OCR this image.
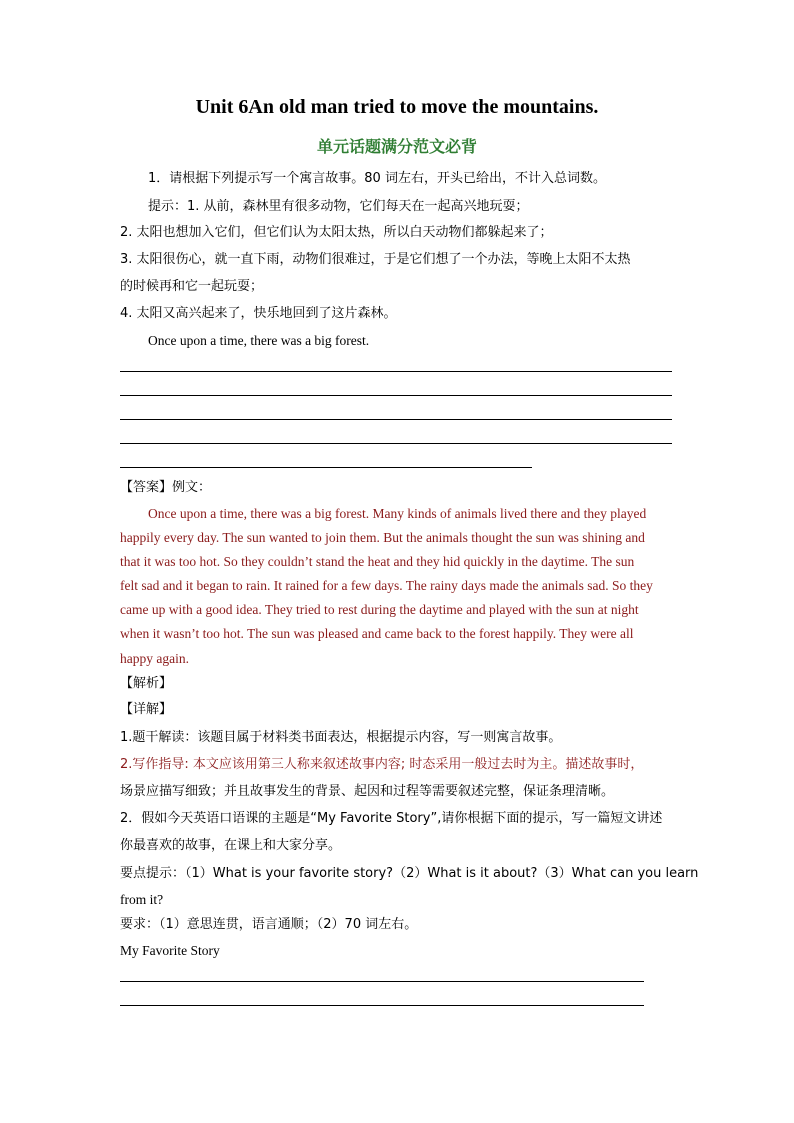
Unit 6An old man tried to move the mountains.
单元话题满分范文必背
1．请根据下列提示写一个寓言故事。80 词左右，开头已给出，不计入总词数。
提示：1. 从前，森林里有很多动物，它们每天在一起高兴地玩耍；
2. 太阳也想加入它们，但它们认为太阳太热，所以白天动物们都躲起来了；
3. 太阳很伤心，就一直下雨，动物们很难过，于是它们想了一个办法，等晚上太阳不太热
的时候再和它一起玩耍；
4. 太阳又高兴起来了，快乐地回到了这片森林。
Once upon a time, there was a big forest.
【答案】例文：
Once upon a time, there was a big forest. Many kinds of animals lived there and they played
happily every day. The sun wanted to join them. But the animals thought the sun was shining and
that it was too hot. So they couldn’t stand the heat and they hid quickly in the daytime. The sun
felt sad and it began to rain. It rained for a few days. The rainy days made the animals sad. So they
came up with a good idea. They tried to rest during the daytime and played with the sun at night
when it wasn’t too hot. The sun was pleased and came back to the forest happily. They were all
happy again.
【解析】
【详解】
1.题干解读：该题目属于材料类书面表达，根据提示内容，写一则寓言故事。
2.写作指导: 本文应该用第三人称来叙述故事内容; 时态采用一般过去时为主。描述故事时，
场景应描写细致；并且故事发生的背景、起因和过程等需要叙述完整，保证条理清晰。
2．假如今天英语口语课的主题是“My Favorite Story”,请你根据下面的提示，写一篇短文讲述
你最喜欢的故事，在课上和大家分享。
要点提示：（1）What is your favorite story?（2）What is it about?（3）What can you learn
from it?
要求：（1）意思连贯，语言通顺；（2）70 词左右。
My Favorite Story
